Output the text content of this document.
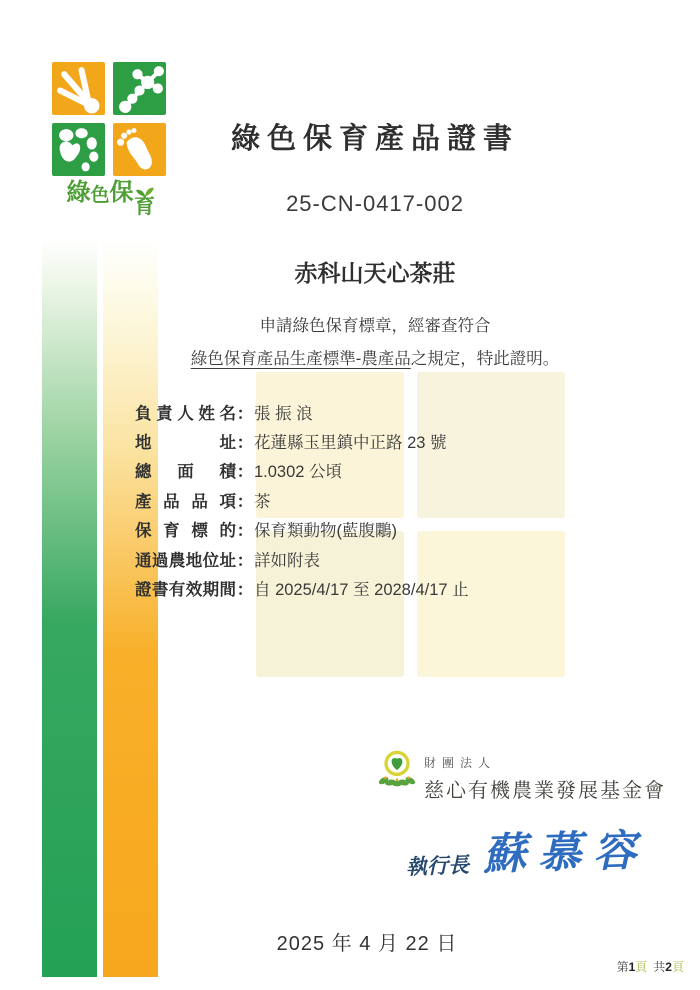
綠 色 保
育
綠色保育產品證書
25-CN-0417-002
赤科山天心茶莊
申請綠色保育標章，經審查符合
綠色保育產品生產標準-農產品之規定，特此證明。
負責人姓名 ： 張 振 浪
地址 ： 花蓮縣玉里鎮中正路 23 號
總面積 ： 1.0302 公頃
產品品項 ： 茶
保育標的 ： 保育類動物(藍腹鷴)
通過農地位址 ： 詳如附表
證書有效期間 ： 自 2025/4/17 至 2028/4/17 止
財團法人
慈心有機農業發展基金會
執行長 蘇慕容
2025 年 4 月 22 日
第1頁 共2頁
